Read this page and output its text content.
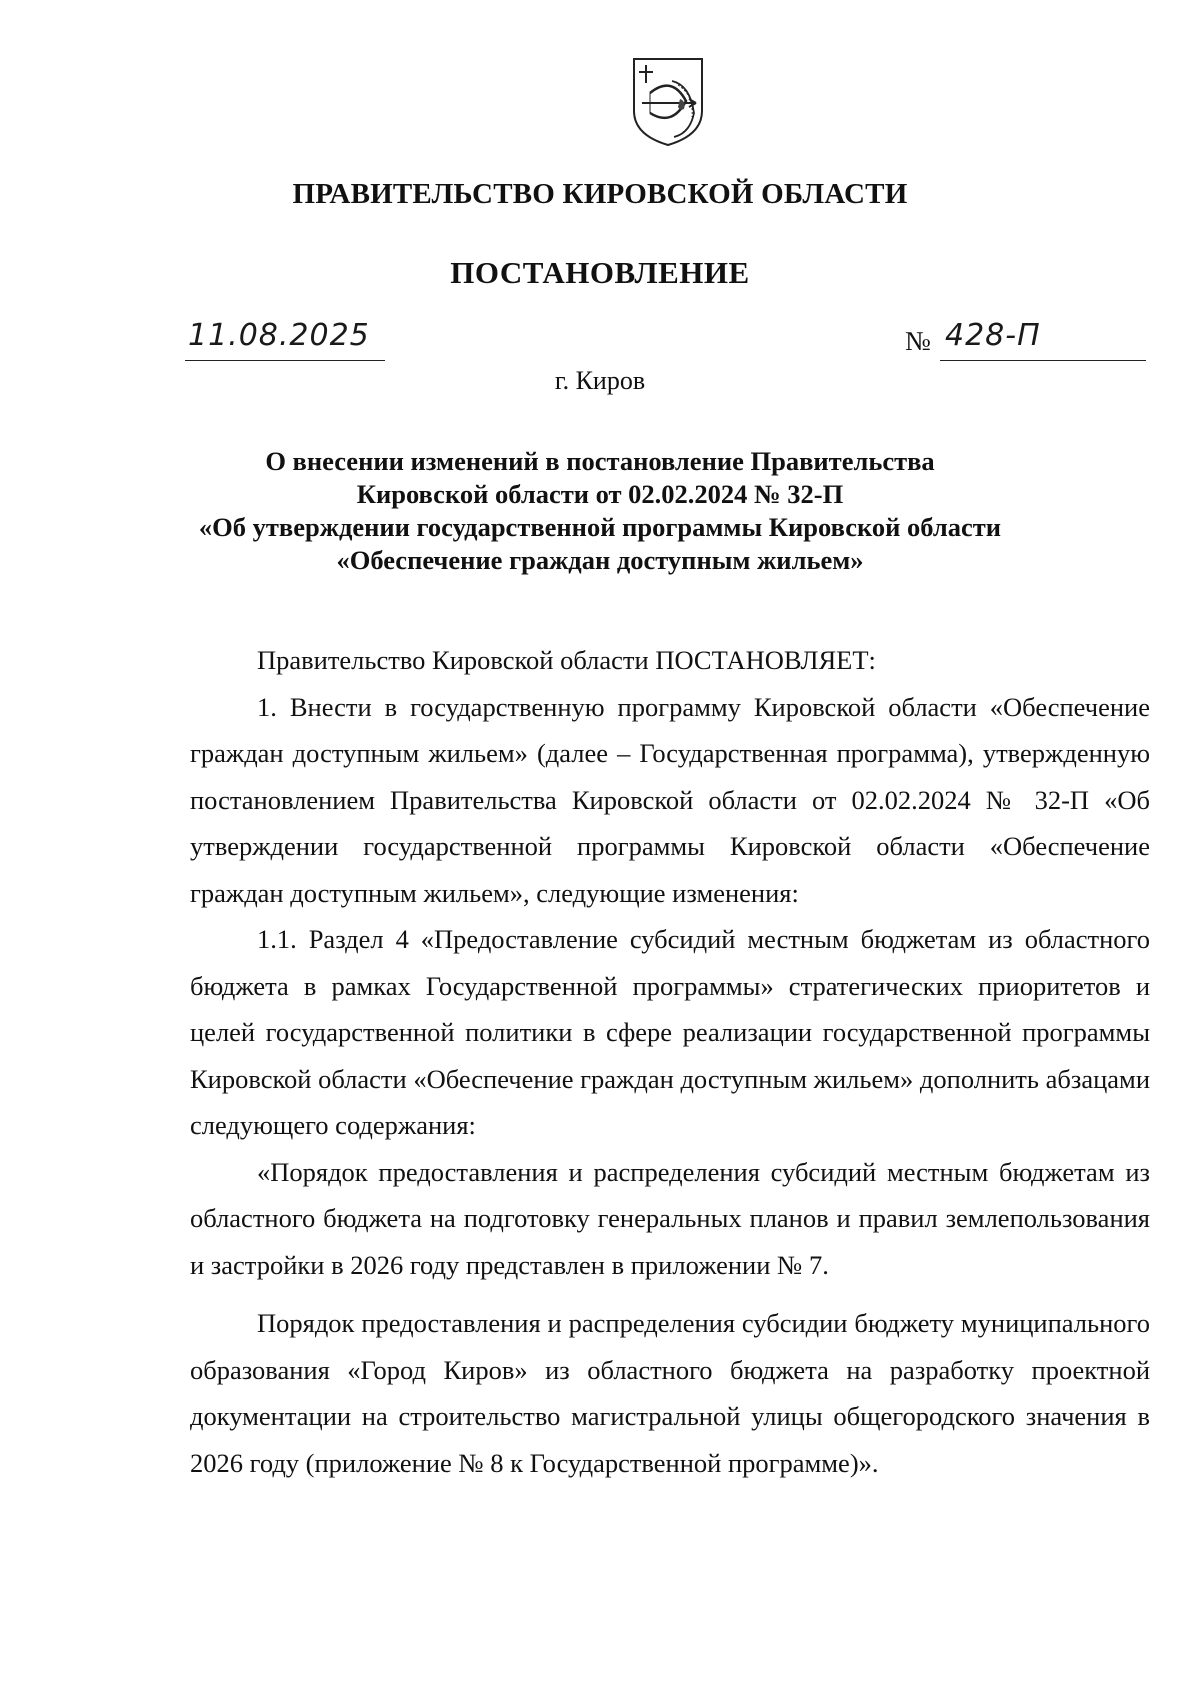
ПРАВИТЕЛЬСТВО КИРОВСКОЙ ОБЛАСТИ
ПОСТАНОВЛЕНИЕ
11.08.2025	№ 428-П
г. Киров
О внесении изменений в постановление Правительства
Кировской области от 02.02.2024 № 32-П
«Об утверждении государственной программы Кировской области
«Обеспечение граждан доступным жильем»

Правительство Кировской области ПОСТАНОВЛЯЕТ:

1. Внести в государственную программу Кировской области «Обеспечение граждан доступным жильем» (далее – Государственная программа), утвержденную постановлением Правительства Кировской области от 02.02.2024 № 32-П «Об утверждении государственной программы Кировской области «Обеспечение граждан доступным жильем», следующие изменения:

1.1. Раздел 4 «Предоставление субсидий местным бюджетам из областного бюджета в рамках Государственной программы» стратегических приоритетов и целей государственной политики в сфере реализации государственной программы Кировской области «Обеспечение граждан доступным жильем» дополнить абзацами следующего содержания:

«Порядок предоставления и распределения субсидий местным бюджетам из областного бюджета на подготовку генеральных планов и правил землепользования и застройки в 2026 году представлен в приложении № 7.

Порядок предоставления и распределения субсидии бюджету муниципального образования «Город Киров» из областного бюджета на разработку проектной документации на строительство магистральной улицы общегородского значения в 2026 году (приложение № 8 к Государственной программе)».
